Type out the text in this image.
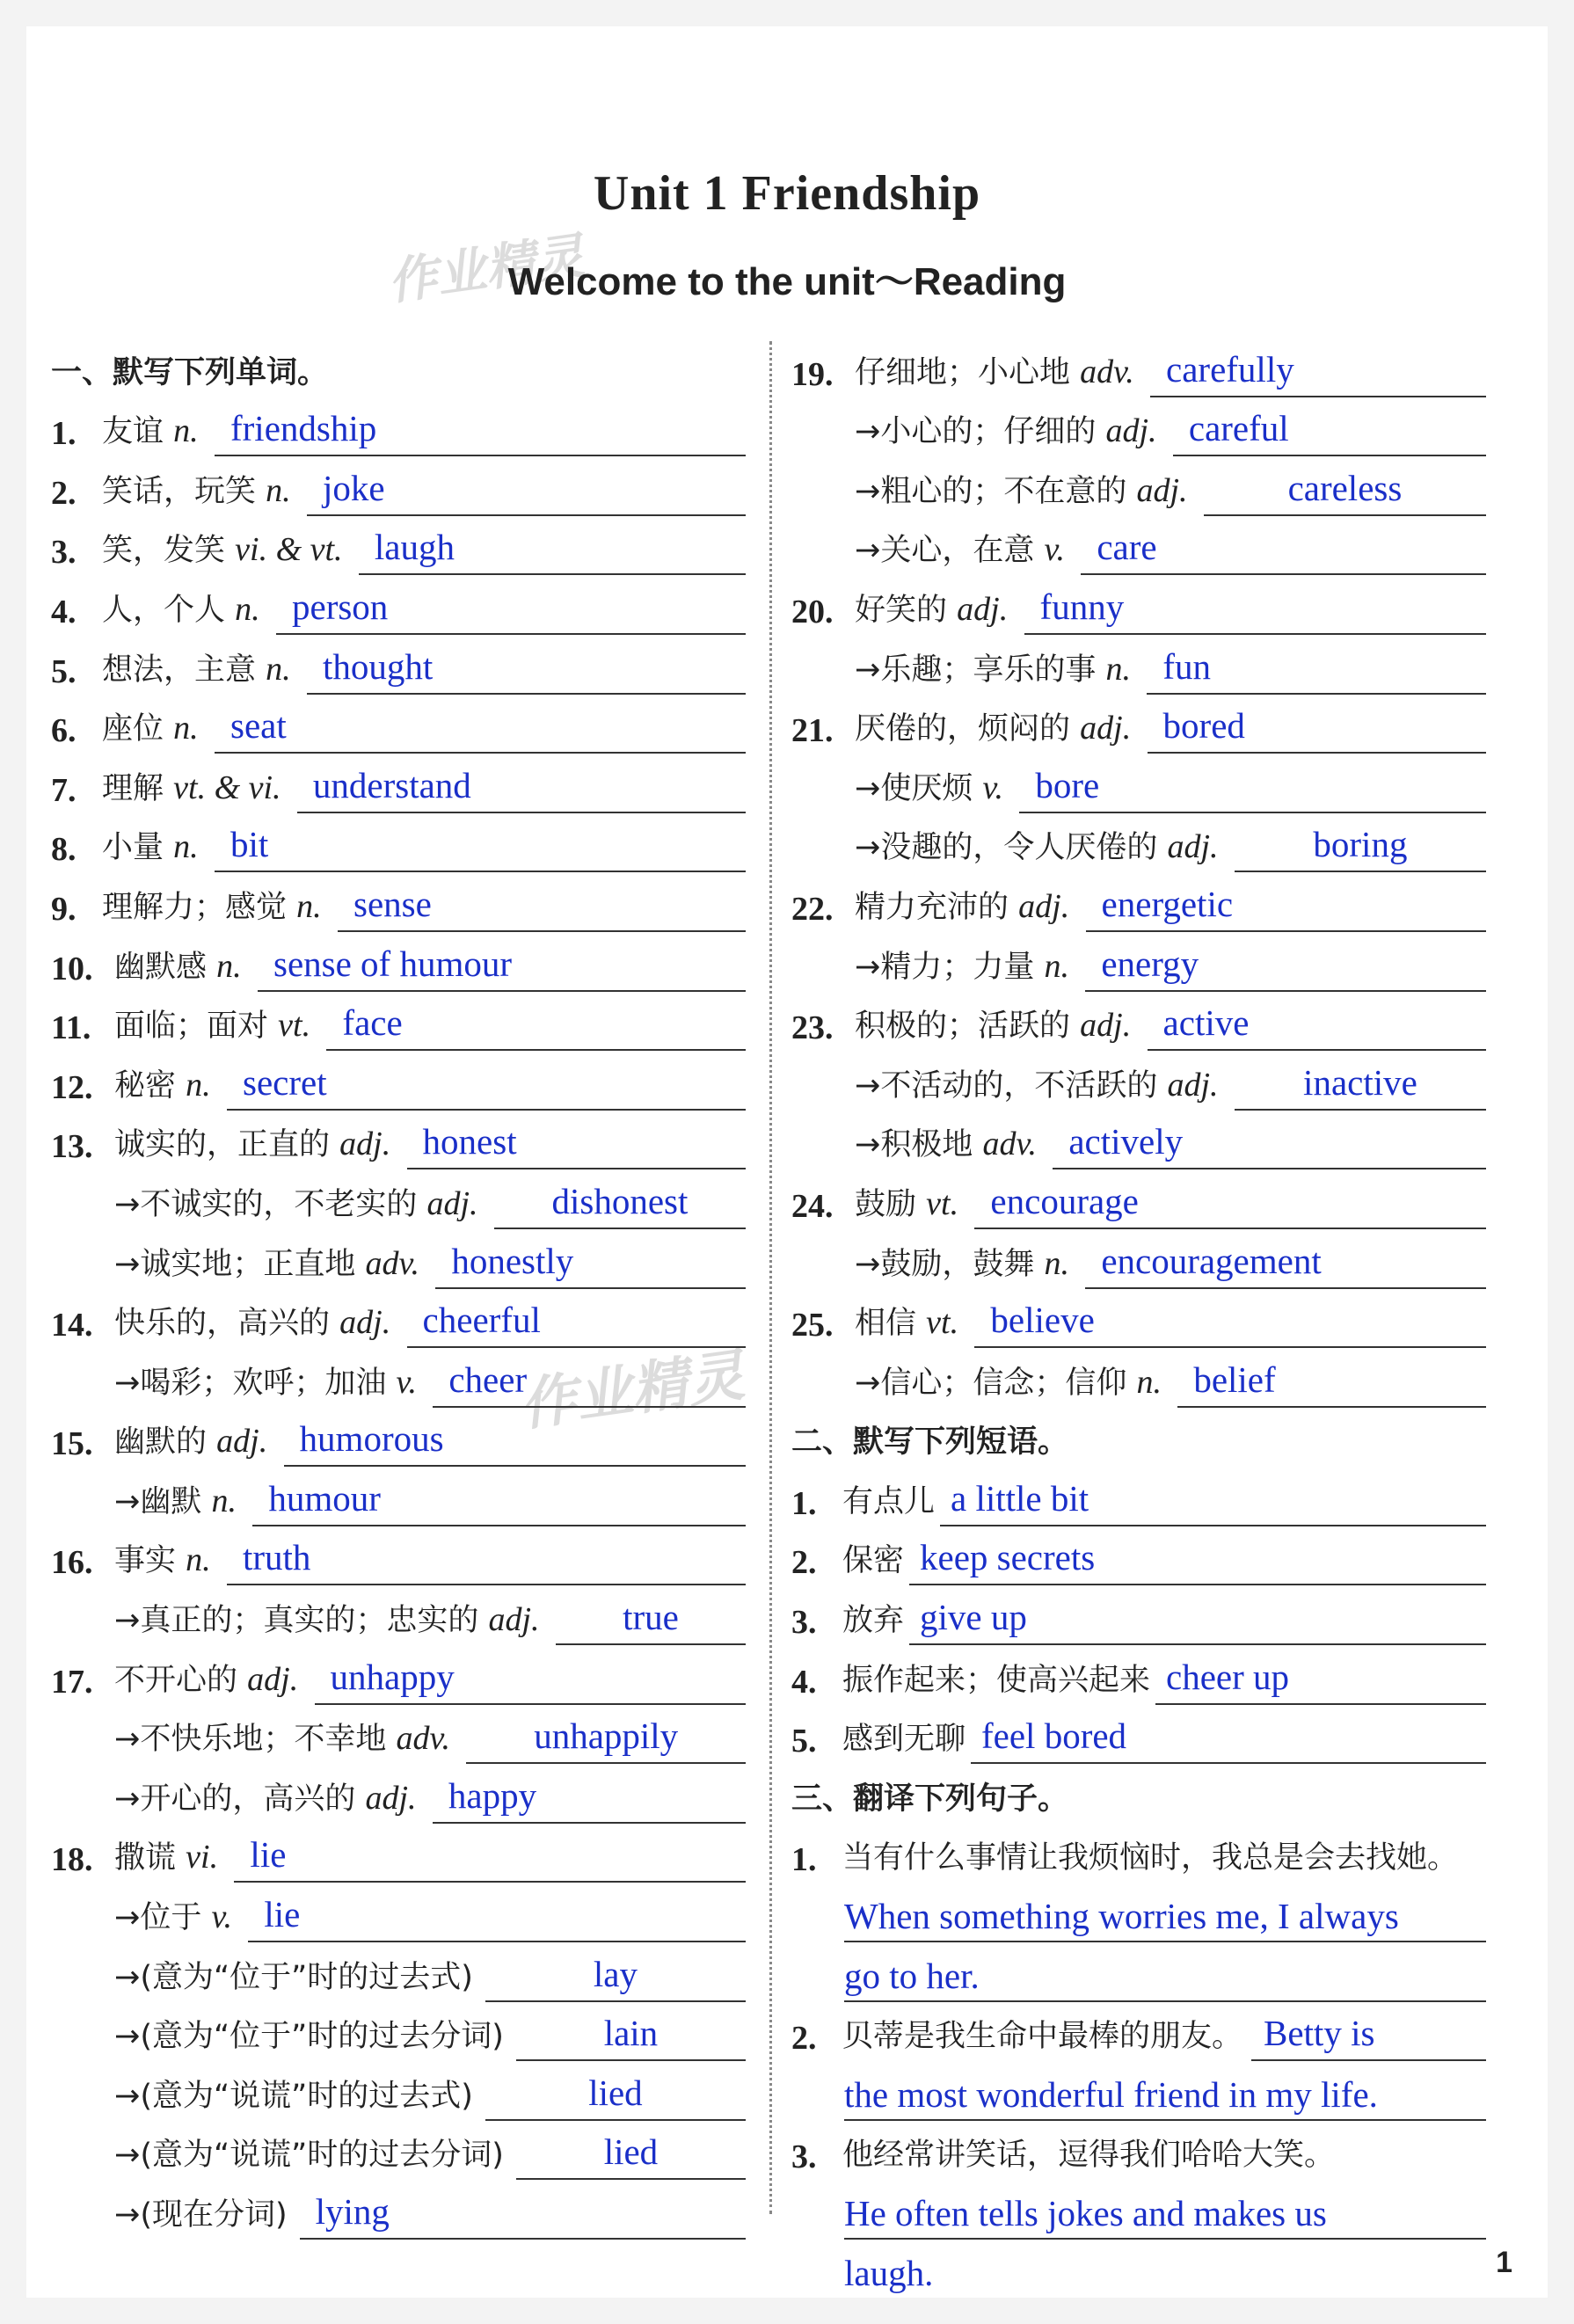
Unit 1 Friendship
作业精灵
Welcome to the unit～Reading
作业精灵
一、默写下列单词。
1. 友谊 n. friendship
2. 笑话，玩笑 n. joke
3. 笑，发笑 vi. & vt. laugh
4. 人，个人 n. person
5. 想法，主意 n. thought
6. 座位 n. seat
7. 理解 vt. & vi. understand
8. 小量 n. bit
9. 理解力；感觉 n. sense
10. 幽默感 n. sense of humour
11. 面临；面对 vt. face
12. 秘密 n. secret
13. 诚实的，正直的 adj. honest
→不诚实的，不老实的 adj. dishonest
→诚实地；正直地 adv. honestly
14. 快乐的，高兴的 adj. cheerful
→喝彩；欢呼；加油 v. cheer
15. 幽默的 adj. humorous
→幽默 n. humour
16. 事实 n. truth
→真正的；真实的；忠实的 adj. true
17. 不开心的 adj. unhappy
→不快乐地；不幸地 adv. unhappily
→开心的，高兴的 adj. happy
18. 撒谎 vi. lie
→位于 v. lie
→(意为“位于”时的过去式)	lay
→(意为“位于”时的过去分词)	lain
→(意为“说谎”时的过去式)	lied
→(意为“说谎”时的过去分词)	lied
→(现在分词) lying
19. 仔细地；小心地 adv. carefully
→小心的；仔细的 adj. careful
→粗心的；不在意的 adj.	careless
→关心，在意 v. care
20. 好笑的 adj. funny
→乐趣；享乐的事 n. fun
21. 厌倦的，烦闷的 adj. bored
→使厌烦 v. bore
→没趣的，令人厌倦的 adj.	boring
22. 精力充沛的 adj. energetic
→精力；力量 n. energy
23. 积极的；活跃的 adj. active
→不活动的，不活跃的 adj. inactive
→积极地 adv. actively
24. 鼓励 vt. encourage
→鼓励，鼓舞 n. encouragement
25. 相信 vt. believe
→信心；信念；信仰 n. belief
二、默写下列短语。
1. 有点儿 a little bit
2. 保密 keep secrets
3. 放弃 give up
4. 振作起来；使高兴起来 cheer up
5. 感到无聊 feel bored
三、翻译下列句子。
1. 当有什么事情让我烦恼时，我总是会去找她。
When something worries me, I always
go to her.
2. 贝蒂是我生命中最棒的朋友。 Betty is
the most wonderful friend in my life.
3. 他经常讲笑话，逗得我们哈哈大笑。
He often tells jokes and makes us
laugh.	1
